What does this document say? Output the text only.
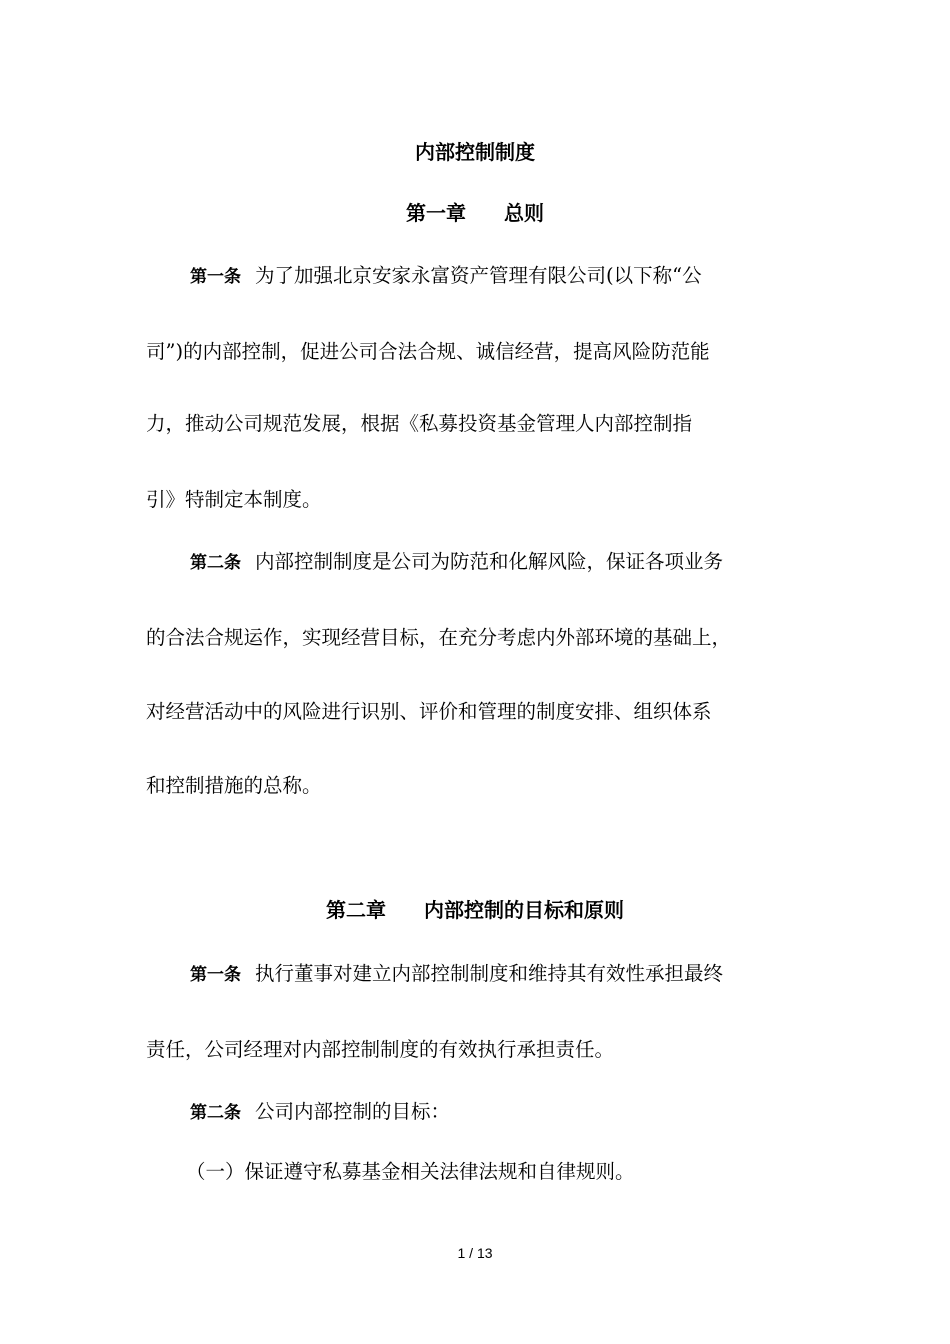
内部控制制度
第一章 总则
第一条 为了加强北京安家永富资产管理有限公司(以下称“公
司”)的内部控制，促进公司合法合规、诚信经营，提高风险防范能
力，推动公司规范发展，根据《私募投资基金管理人内部控制指
引》特制定本制度。
第二条 内部控制制度是公司为防范和化解风险，保证各项业务
的合法合规运作，实现经营目标，在充分考虑内外部环境的基础上，
对经营活动中的风险进行识别、评价和管理的制度安排、组织体系
和控制措施的总称。
第二章 内部控制的目标和原则
第一条 执行董事对建立内部控制制度和维持其有效性承担最终
责任，公司经理对内部控制制度的有效执行承担责任。
第二条 公司内部控制的目标：
（一）保证遵守私募基金相关法律法规和自律规则。
1 / 13
